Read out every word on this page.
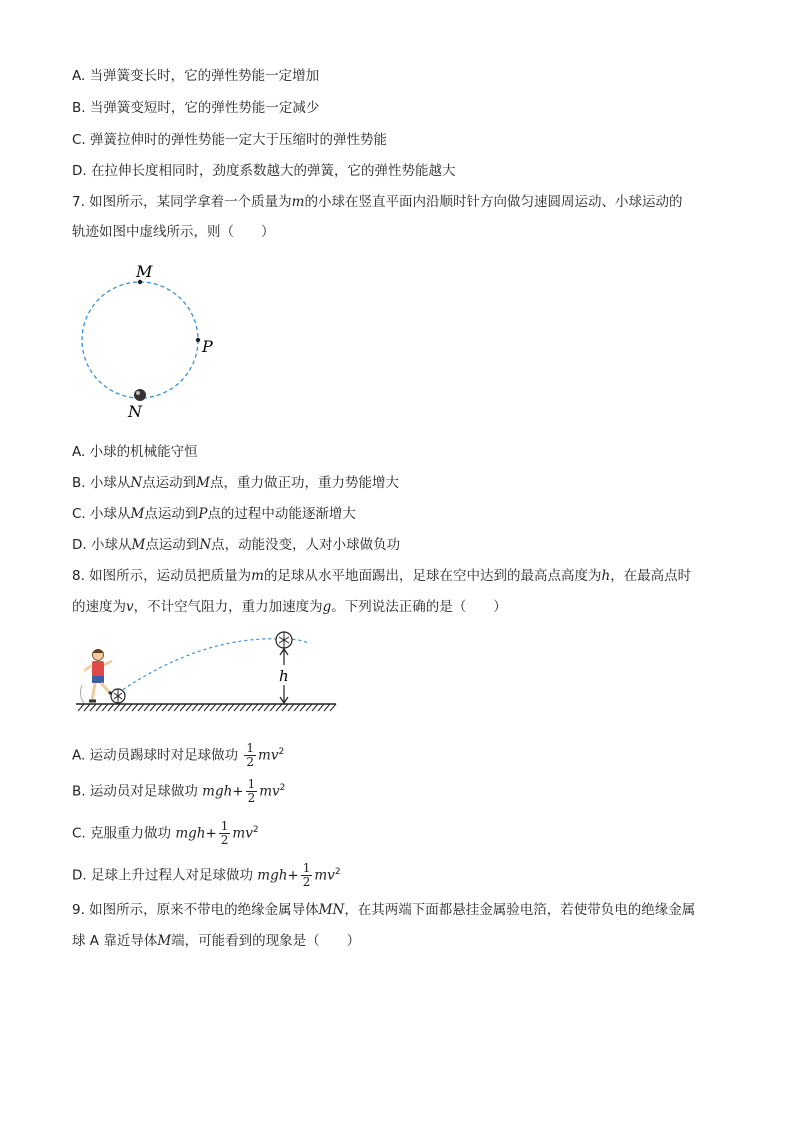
A. 当弹簧变长时，它的弹性势能一定增加
B. 当弹簧变短时，它的弹性势能一定减少
C. 弹簧拉伸时的弹性势能一定大于压缩时的弹性势能
D. 在拉伸长度相同时，劲度系数越大的弹簧，它的弹性势能越大
7. 如图所示，某同学拿着一个质量为m的小球在竖直平面内沿顺时针方向做匀速圆周运动、小球运动的
轨迹如图中虚线所示，则（　　）
M
P
N
A. 小球的机械能守恒
B. 小球从N点运动到M点，重力做正功，重力势能增大
C. 小球从M点运动到P点的过程中动能逐渐增大
D. 小球从M点运动到N点，动能没变，人对小球做负功
8. 如图所示，运动员把质量为m的足球从水平地面踢出，足球在空中达到的最高点高度为h，在最高点时
的速度为v，不计空气阻力，重力加速度为g。下列说法正确的是（　　）
h
A. 运动员踢球时对足球做功 $\frac{1}{2} mv^2$
B. 运动员对足球做功 $mgh+ \frac{1}{2} mv^2$
C. 克服重力做功 $mgh+ \frac{1}{2} mv^2$
D. 足球上升过程人对足球做功 $mgh+ \frac{1}{2} mv^2$
9. 如图所示，原来不带电的绝缘金属导体MN，在其两端下面都悬挂金属验电箔，若使带负电的绝缘金属
球 A 靠近导体M端，可能看到的现象是（　　）
